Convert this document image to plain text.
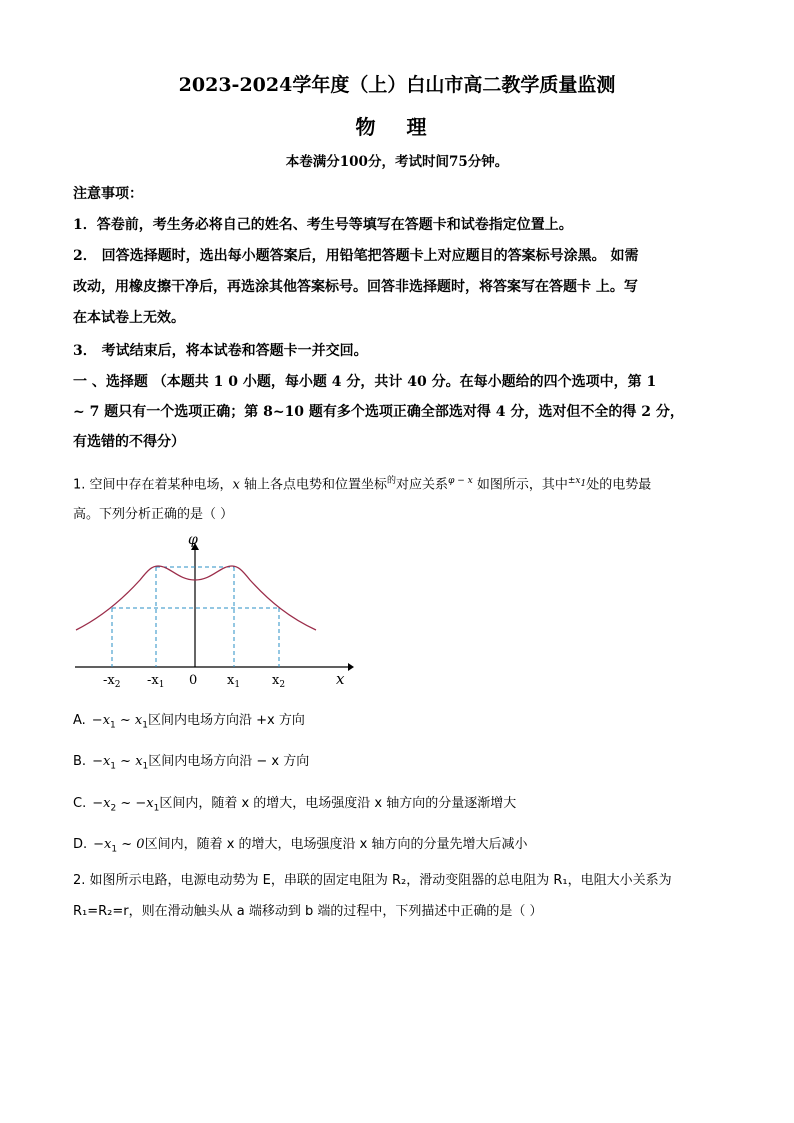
2023-2024学年度（上）白山市高二教学质量监测
物 理
本卷满分100分，考试时间75分钟。
注意事项：
1．答卷前，考生务必将自己的姓名、考生号等填写在答题卡和试卷指定位置上。
2． 回答选择题时，选出每小题答案后，用铅笔把答题卡上对应题目的答案标号涂黑。 如需
改动，用橡皮擦干净后，再选涂其他答案标号。回答非选择题时，将答案写在答题卡 上。写
在本试卷上无效。
3． 考试结束后，将本试卷和答题卡一并交回。
一 、选择题 （本题共 1 0 小题，每小题 4 分，共计 40 分。在每小题给的四个选项中，第 1
~ 7 题只有一个选项正确；第 8~10 题有多个选项正确全部选对得 4 分，选对但不全的得 2 分，
有选错的不得分）
1. 空间中存在着某种电场，x 轴上各点电势和位置坐标$^的$对应关系$^{\varphi - x}$ 如图所示，其中$^{\pm x_1}$处的电势最
高。下列分析正确的是（ ）
φ
x
$-x_2$ $-x_1$ 0 $x_1$ $x_2$
A. $-x_1$ ~ $x_1$区间内电场方向沿 +x 方向
B. $-x_1$ ~ $x_1$区间内电场方向沿 − x 方向
C. $-x_2$ ~ $-x_1$区间内，随着 x 的增大，电场强度沿 x 轴方向的分量逐渐增大
D. $-x_1$ ~ 0区间内，随着 x 的增大，电场强度沿 x 轴方向的分量先增大后减小
2. 如图所示电路，电源电动势为 E，串联的固定电阻为 R₂，滑动变阻器的总电阻为 R₁，电阻大小关系为
R₁=R₂=r，则在滑动触头从 a 端移动到 b 端的过程中，下列描述中正确的是（ ）
